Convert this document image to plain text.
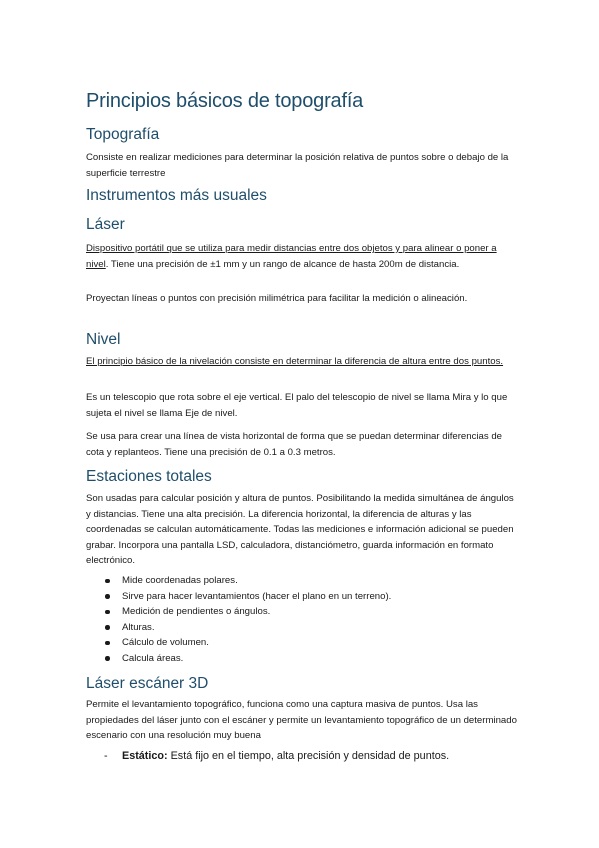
Principios básicos de topografía
Topografía

Consiste en realizar mediciones para determinar la posición relativa de puntos sobre o debajo de la superficie terrestre

Instrumentos más usuales
Láser

Dispositivo portátil que se utiliza para medir distancias entre dos objetos y para alinear o poner a nivel. Tiene una precisión de ±1 mm y un rango de alcance de hasta 200m de distancia.

Proyectan líneas o puntos con precisión milimétrica para facilitar la medición o alineación.

Nivel

El principio básico de la nivelación consiste en determinar la diferencia de altura entre dos puntos.

Es un telescopio que rota sobre el eje vertical. El palo del telescopio de nivel se llama Mira y lo que sujeta el nivel se llama Eje de nivel.

Se usa para crear una línea de vista horizontal de forma que se puedan determinar diferencias de cota y replanteos. Tiene una precisión de 0.1 a 0.3 metros.

Estaciones totales

Son usadas para calcular posición y altura de puntos. Posibilitando la medida simultánea de ángulos y distancias. Tiene una alta precisión. La diferencia horizontal, la diferencia de alturas y las coordenadas se calculan automáticamente. Todas las mediciones e información adicional se pueden grabar. Incorpora una pantalla LSD, calculadora, distanciómetro, guarda información en formato electrónico.

Mide coordenadas polares.
Sirve para hacer levantamientos (hacer el plano en un terreno).
Medición de pendientes o ángulos.
Alturas.
Cálculo de volumen.
Calcula áreas.
Láser escáner 3D

Permite el levantamiento topográfico, funciona como una captura masiva de puntos. Usa las propiedades del láser junto con el escáner y permite un levantamiento topográfico de un determinado escenario con una resolución muy buena

- Estático: Está fijo en el tiempo, alta precisión y densidad de puntos.
